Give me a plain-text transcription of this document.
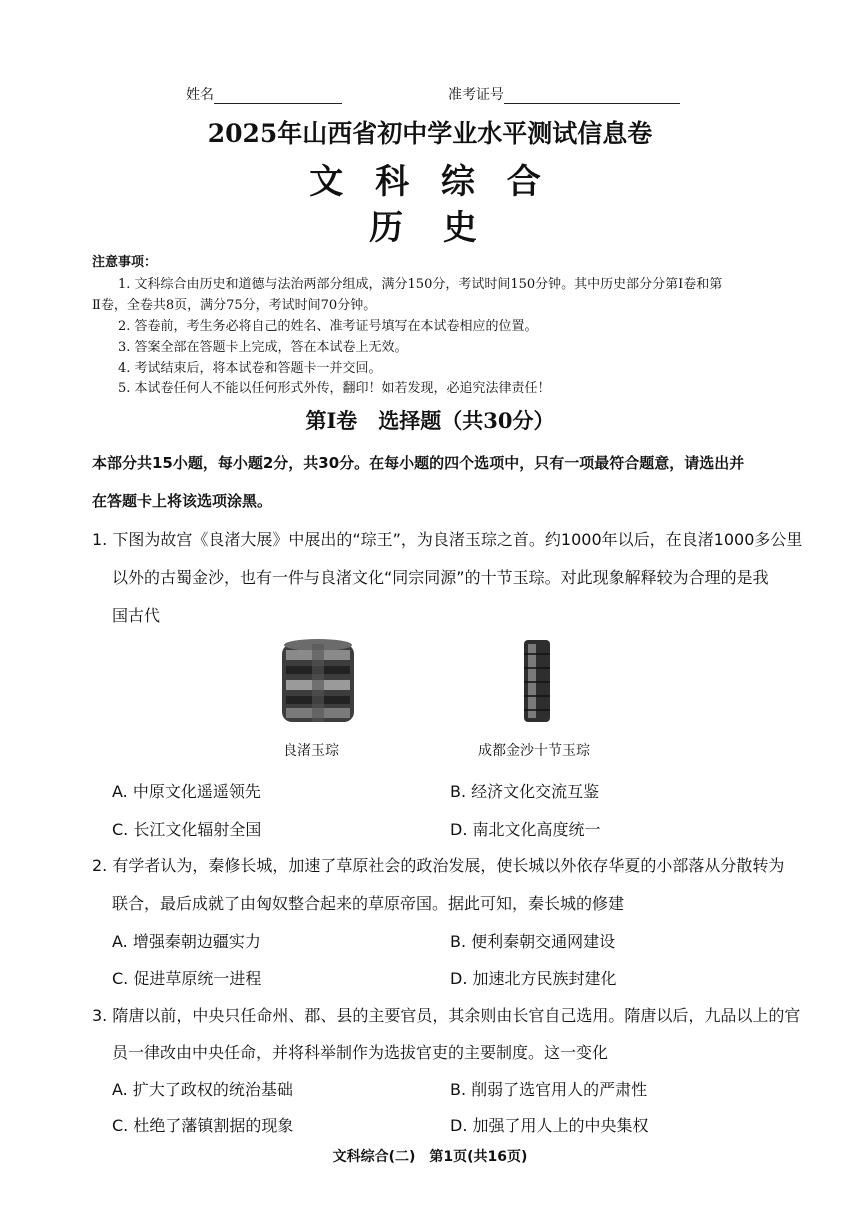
姓名	准考证号
2025年山西省初中学业水平测试信息卷
文 科 综 合
历 史
注意事项：
1. 文科综合由历史和道德与法治两部分组成，满分150分，考试时间150分钟。其中历史部分分第Ⅰ卷和第
Ⅱ卷，全卷共8页，满分75分，考试时间70分钟。
2. 答卷前，考生务必将自己的姓名、准考证号填写在本试卷相应的位置。
3. 答案全部在答题卡上完成，答在本试卷上无效。
4. 考试结束后，将本试卷和答题卡一并交回。
5. 本试卷任何人不能以任何形式外传，翻印！如若发现，必追究法律责任！
第Ⅰ卷　选择题（共30分）
本部分共15小题，每小题2分，共30分。在每小题的四个选项中，只有一项最符合题意，请选出并
在答题卡上将该选项涂黑。
1. 下图为故宫《良渚大展》中展出的“琮王”，为良渚玉琮之首。约1000年以后，在良渚1000多公里
以外的古蜀金沙，也有一件与良渚文化“同宗同源”的十节玉琮。对此现象解释较为合理的是我
国古代
良渚玉琮	成都金沙十节玉琮
A. 中原文化遥遥领先	B. 经济文化交流互鉴
C. 长江文化辐射全国	D. 南北文化高度统一
2. 有学者认为，秦修长城，加速了草原社会的政治发展，使长城以外依存华夏的小部落从分散转为
联合，最后成就了由匈奴整合起来的草原帝国。据此可知，秦长城的修建
A. 增强秦朝边疆实力	B. 便利秦朝交通网建设
C. 促进草原统一进程	D. 加速北方民族封建化
3. 隋唐以前，中央只任命州、郡、县的主要官员，其余则由长官自己选用。隋唐以后，九品以上的官
员一律改由中央任命，并将科举制作为选拔官吏的主要制度。这一变化
A. 扩大了政权的统治基础	B. 削弱了选官用人的严肃性
C. 杜绝了藩镇割据的现象	D. 加强了用人上的中央集权
文科综合(二)　第1页(共16页)
